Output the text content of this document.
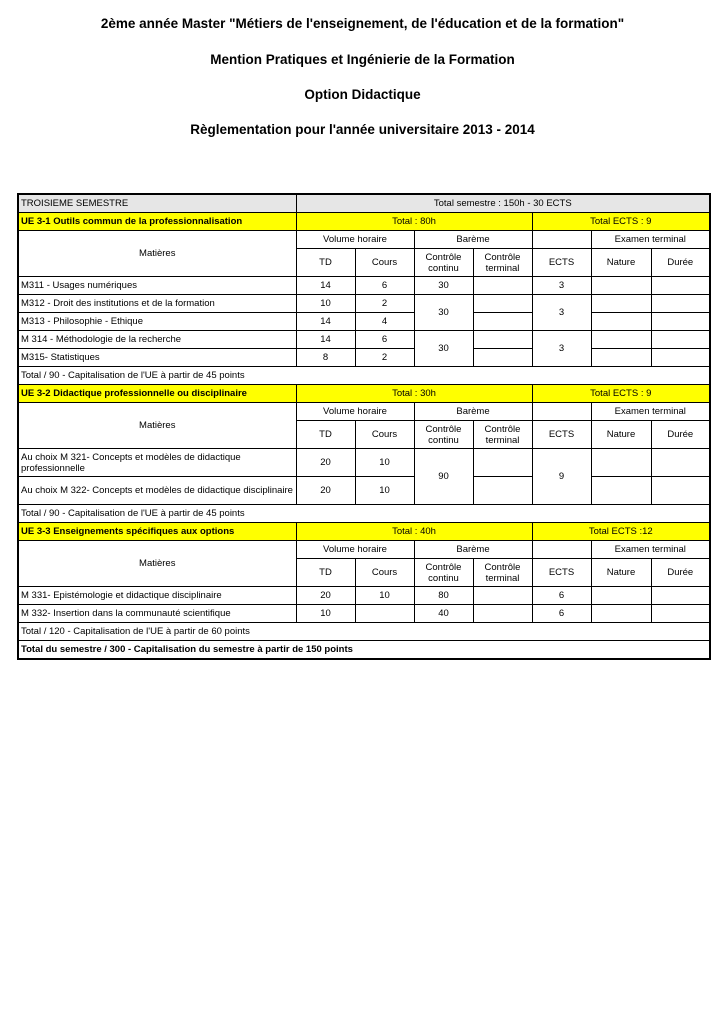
2ème année Master "Métiers de l'enseignement, de l'éducation et de la formation"
Mention Pratiques et Ingénierie de la Formation
Option Didactique
Règlementation pour l'année universitaire 2013 - 2014
TROISIEME SEMESTRE	Total semestre : 150h - 30 ECTS						
UE 3-1 Outils commun de la professionnalisation	Total : 80h				Total ECTS : 9		
Matières	Volume horaire		Barème			Examen terminal	
	TD	Cours	Contrôle continu	Contrôle terminal	ECTS	Nature	Durée
M311 - Usages numériques	14	6	30		3		
M312 - Droit des institutions et de la formation	10	2	30		3		
M313 - Philosophie - Ethique	14	4					
M 314 - Méthodologie de la recherche	14	6	30		3		
M315- Statistiques	8	2					
Total / 90 - Capitalisation de l'UE à partir de 45 points							
UE 3-2 Didactique professionnelle ou disciplinaire	Total : 30h				Total ECTS : 9		
Matières	Volume horaire		Barème			Examen terminal	
	TD	Cours	Contrôle continu	Contrôle terminal	ECTS	Nature	Durée
Au choix M 321- Concepts et modèles de didactique professionnelle	20	10	90		9		
Au choix M 322- Concepts et modèles de didactique disciplinaire	20	10					
Total / 90 - Capitalisation de l'UE à partir de 45 points							
UE 3-3 Enseignements spécifiques aux options	Total : 40h				Total ECTS :12		
Matières	Volume horaire		Barème			Examen terminal	
	TD	Cours	Contrôle continu	Contrôle terminal	ECTS	Nature	Durée
M 331- Epistémologie et didactique disciplinaire	20	10	80		6		
M 332- Insertion dans la communauté scientifique	10		40		6		
Total / 120 - Capitalisation de l'UE à partir de 60 points							
Total du semestre / 300 - Capitalisation du semestre à partir de 150 points							
